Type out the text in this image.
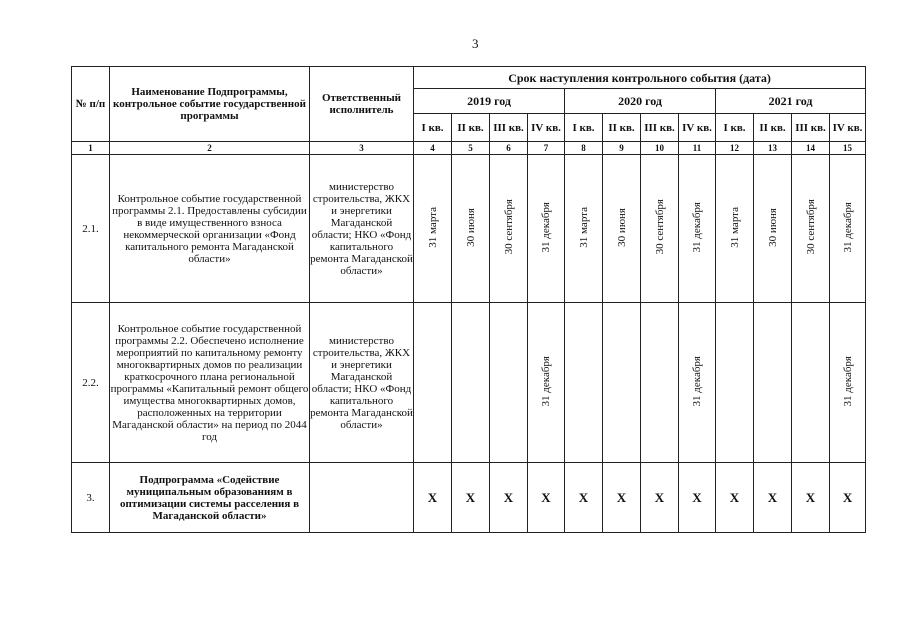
3
№ п/п	Наименование Подпрограммы, контрольное событие государственной программы	Ответственный исполнитель	Срок наступления контрольного события (дата)											
			2019 год				2020 год				2021 год			
			I кв.	II кв.	III кв.	IV кв.	I кв.	II кв.	III кв.	IV кв.	I кв.	II кв.	III кв.	IV кв.
1	2	3	4	5	6	7	8	9	10	11	12	13	14	15
2.1.	Контрольное событие государственной программы 2.1. Предоставлены субсидии в виде имущественного взноса некоммерческой организации «Фонд капитального ремонта Магаданской области»	министерство строительства, ЖКХ и энергетики Магаданской области; НКО «Фонд капитального ремонта Магаданской области»	31 марта	30 июня	30 сентября	31 декабря	31 марта	30 июня	30 сентября	31 декабря	31 марта	30 июня	30 сентября	31 декабря
2.2.	Контрольное событие государственной программы 2.2. Обеспечено исполнение мероприятий по капитальному ремонту многоквартирных домов по реализации краткосрочного плана региональной программы «Капитальный ремонт общего имущества многоквартирных домов, расположенных на территории Магаданской области» на период по 2044 год	министерство строительства, ЖКХ и энергетики Магаданской области; НКО «Фонд капитального ремонта Магаданской области»				31 декабря				31 декабря				31 декабря
3.	Подпрограмма «Содействие муниципальным образованиям в оптимизации системы расселения в Магаданской области»		X	X	X	X	X	X	X	X	X	X	X	X
